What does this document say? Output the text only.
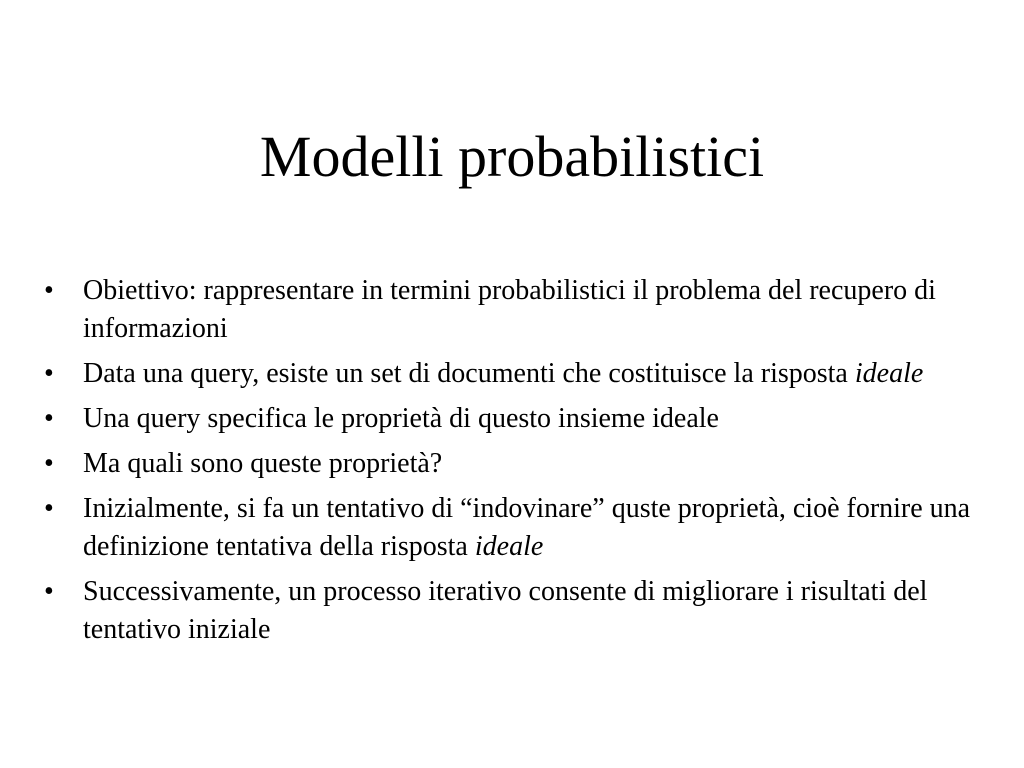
Modelli probabilistici
•	Obiettivo: rappresentare in termini probabilistici il problema del recupero di informazioni
•	Data una query, esiste un set di documenti che costituisce la risposta ideale
•	Una query specifica le proprietà di questo insieme ideale
•	Ma quali sono queste proprietà?
•	Inizialmente, si fa un tentativo di “indovinare” quste proprietà, cioè fornire una definizione tentativa della risposta ideale
•	Successivamente, un processo iterativo consente di migliorare i risultati del tentativo iniziale
